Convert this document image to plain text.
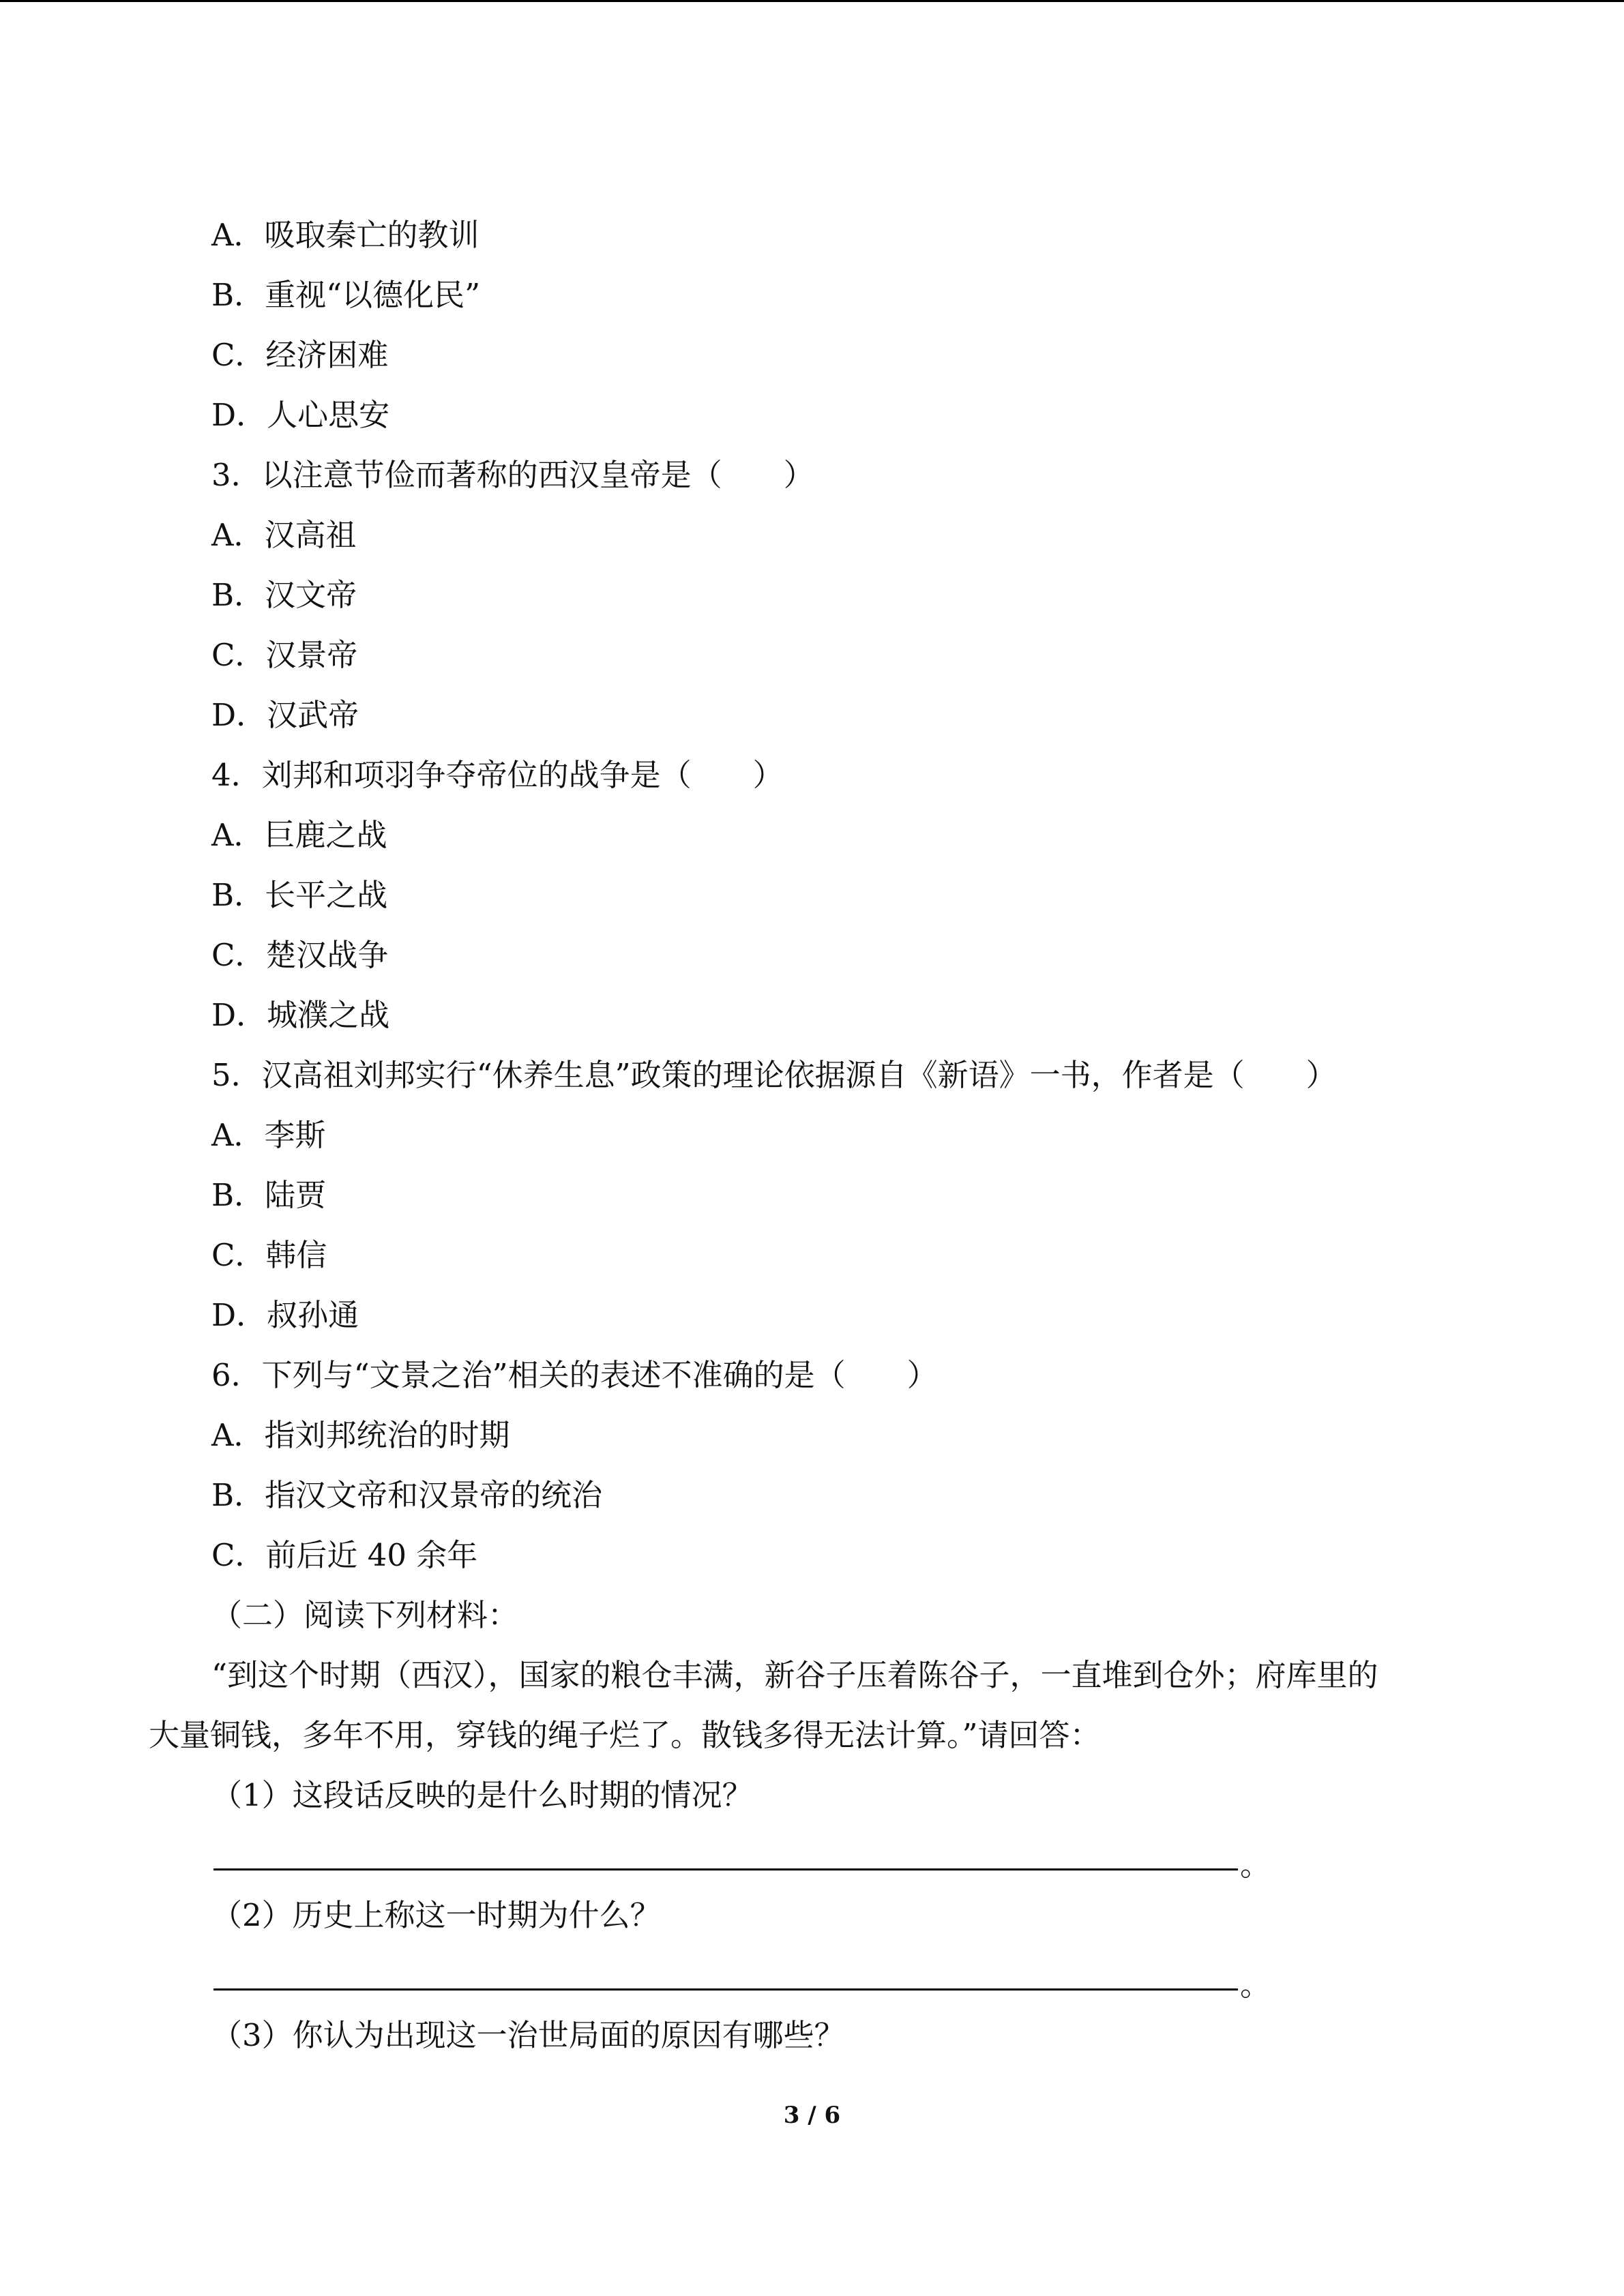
A．吸取秦亡的教训
B．重视“以德化民”
C．经济困难
D．人心思安
3．以注意节俭而著称的西汉皇帝是（　　）
A．汉高祖
B．汉文帝
C．汉景帝
D．汉武帝
4．刘邦和项羽争夺帝位的战争是（　　）
A．巨鹿之战
B．长平之战
C．楚汉战争
D．城濮之战
5．汉高祖刘邦实行“休养生息”政策的理论依据源自《新语》一书，作者是（　　）
A．李斯
B．陆贾
C．韩信
D．叔孙通
6．下列与“文景之治”相关的表述不准确的是（　　）
A．指刘邦统治的时期
B．指汉文帝和汉景帝的统治
C．前后近 40 余年
（二）阅读下列材料：
“到这个时期（西汉），国家的粮仓丰满，新谷子压着陈谷子，一直堆到仓外；府库里的
大量铜钱，多年不用，穿钱的绳子烂了。散钱多得无法计算。”请回答：
（1）这段话反映的是什么时期的情况？
。
（2）历史上称这一时期为什么？
。
（3）你认为出现这一治世局面的原因有哪些？
3 / 6
